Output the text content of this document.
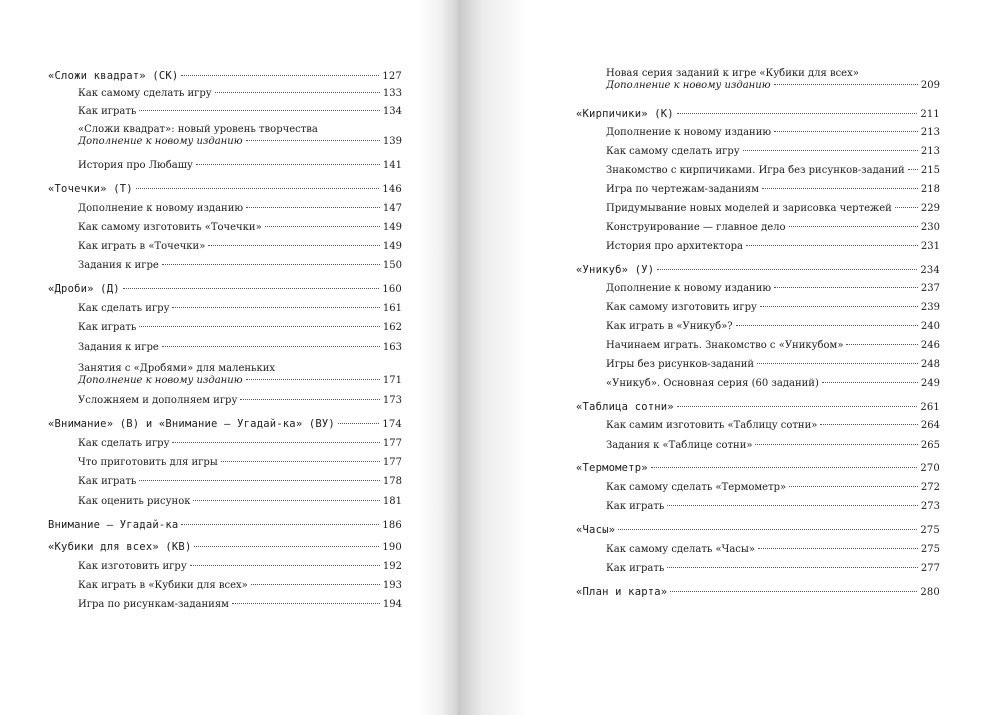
«Сложи квадрат» (СК)	127
Как самому сделать игру	133
Как играть	134
«Сложи квадрат»: новый уровень творчества
Дополнение к новому изданию	139
История про Любашу	141
«Точечки» (Т)	146
Дополнение к новому изданию	147
Как самому изготовить «Точечки»	149
Как играть в «Точечки»	149
Задания к игре	150
«Дроби» (Д)	160
Как сделать игру	161
Как играть	162
Задания к игре	163
Занятия с «Дробями» для маленьких
Дополнение к новому изданию	171
Усложняем и дополняем игру	173
«Внимание» (В) и «Внимание — Угадай-ка» (ВУ)	174
Как сделать игру	177
Что приготовить для игры	177
Как играть	178
Как оценить рисунок	181
Внимание — Угадай-ка	186
«Кубики для всех» (КВ)	190
Как изготовить игру	192
Как играть в «Кубики для всех»	193
Игра по рисункам-заданиям	194
Новая серия заданий к игре «Кубики для всех»
Дополнение к новому изданию	209
«Кирпичики» (К)	211
Дополнение к новому изданию	213
Как самому сделать игру	213
Знакомство с кирпичиками. Игра без рисунков-заданий 215
Игра по чертежам-заданиям	218
Придумывание новых моделей и зарисовка чертежей	229
Конструирование — главное дело	230
История про архитектора	231
«Уникуб» (У)	234
Дополнение к новому изданию	237
Как самому изготовить игру	239
Как играть в «Уникуб»?	240
Начинаем играть. Знакомство с «Уникубом»	246
Игры без рисунков-заданий	248
«Уникуб». Основная серия (60 заданий)	249
«Таблица сотни»	261
Как самим изготовить «Таблицу сотни»	264
Задания к «Таблице сотни»	265
«Термометр»	270
Как самому сделать «Термометр»	272
Как играть	273
«Часы»	275
Как самому сделать «Часы»	275
Как играть	277
«План и карта»	280
